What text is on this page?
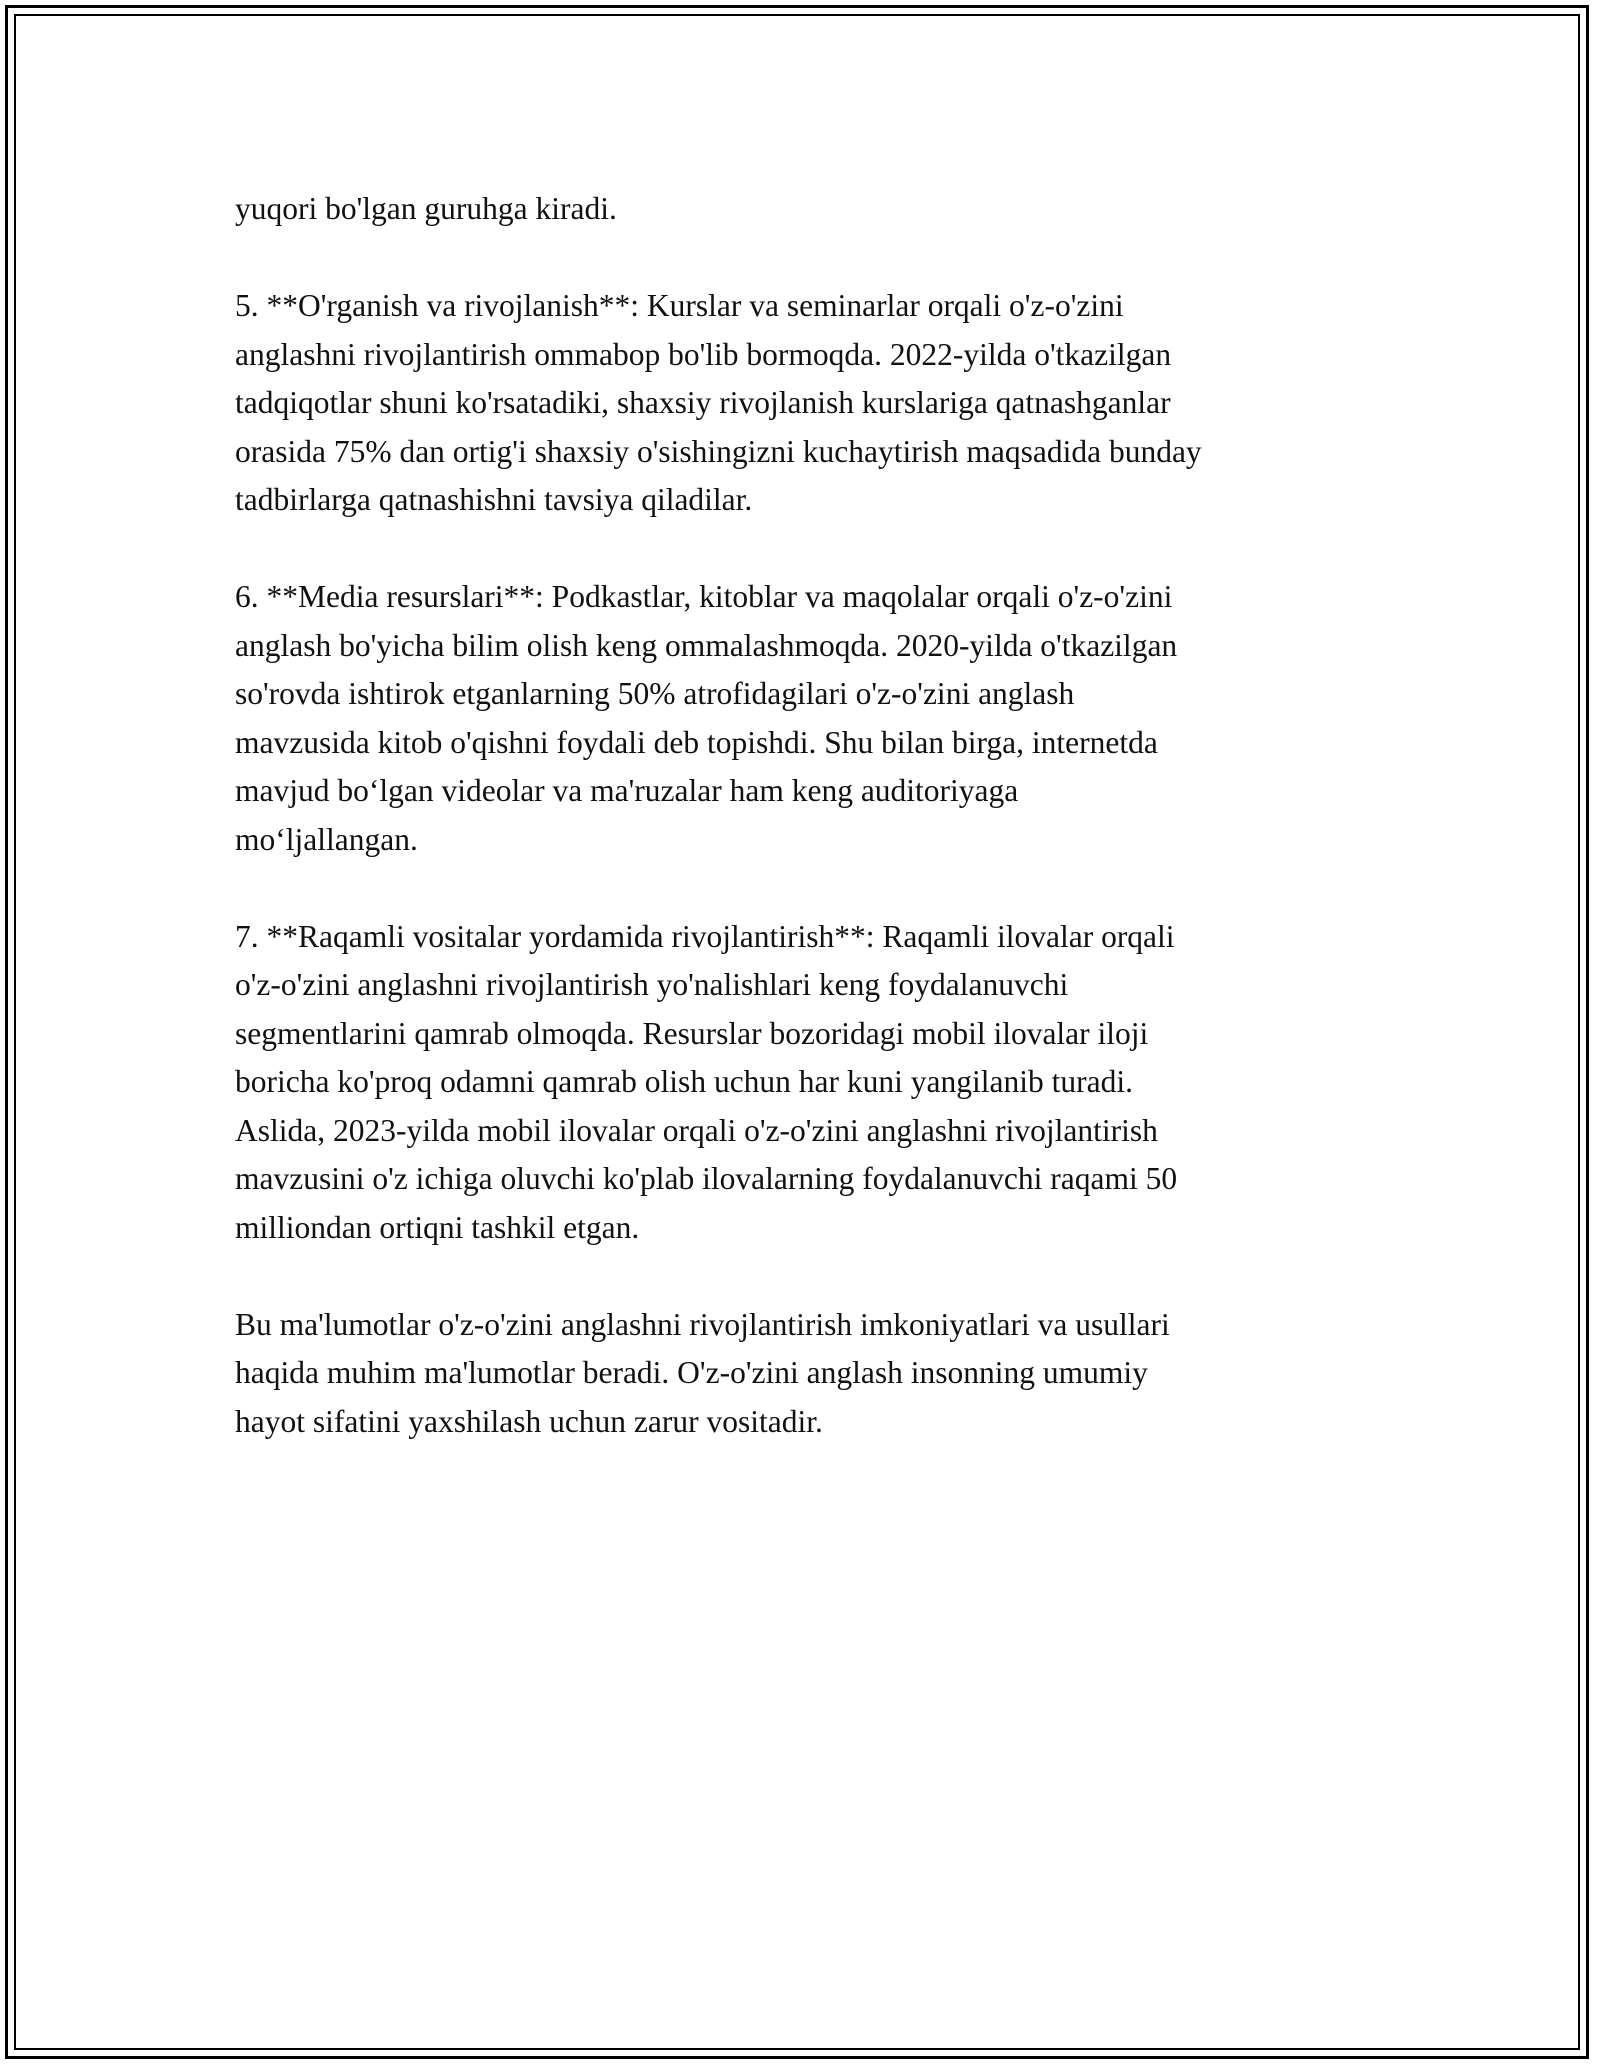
yuqori bo'lgan guruhga kiradi.

5. **O'rganish va rivojlanish**: Kurslar va seminarlar orqali o'z-o'zini
anglashni rivojlantirish ommabop bo'lib bormoqda. 2022-yilda o'tkazilgan
tadqiqotlar shuni ko'rsatadiki, shaxsiy rivojlanish kurslariga qatnashganlar
orasida 75% dan ortig'i shaxsiy o'sishingizni kuchaytirish maqsadida bunday
tadbirlarga qatnashishni tavsiya qiladilar.

6. **Media resurslari**: Podkastlar, kitoblar va maqolalar orqali o'z-o'zini
anglash bo'yicha bilim olish keng ommalashmoqda. 2020-yilda o'tkazilgan
so'rovda ishtirok etganlarning 50% atrofidagilari o'z-o'zini anglash
mavzusida kitob o'qishni foydali deb topishdi. Shu bilan birga, internetda
mavjud bo‘lgan videolar va ma'ruzalar ham keng auditoriyaga
mo‘ljallangan.

7. **Raqamli vositalar yordamida rivojlantirish**: Raqamli ilovalar orqali
o'z-o'zini anglashni rivojlantirish yo'nalishlari keng foydalanuvchi
segmentlarini qamrab olmoqda. Resurslar bozoridagi mobil ilovalar iloji
boricha ko'proq odamni qamrab olish uchun har kuni yangilanib turadi.
Aslida, 2023-yilda mobil ilovalar orqali o'z-o'zini anglashni rivojlantirish
mavzusini o'z ichiga oluvchi ko'plab ilovalarning foydalanuvchi raqami 50
milliondan ortiqni tashkil etgan.

Bu ma'lumotlar o'z-o'zini anglashni rivojlantirish imkoniyatlari va usullari
haqida muhim ma'lumotlar beradi. O'z-o'zini anglash insonning umumiy
hayot sifatini yaxshilash uchun zarur vositadir.
